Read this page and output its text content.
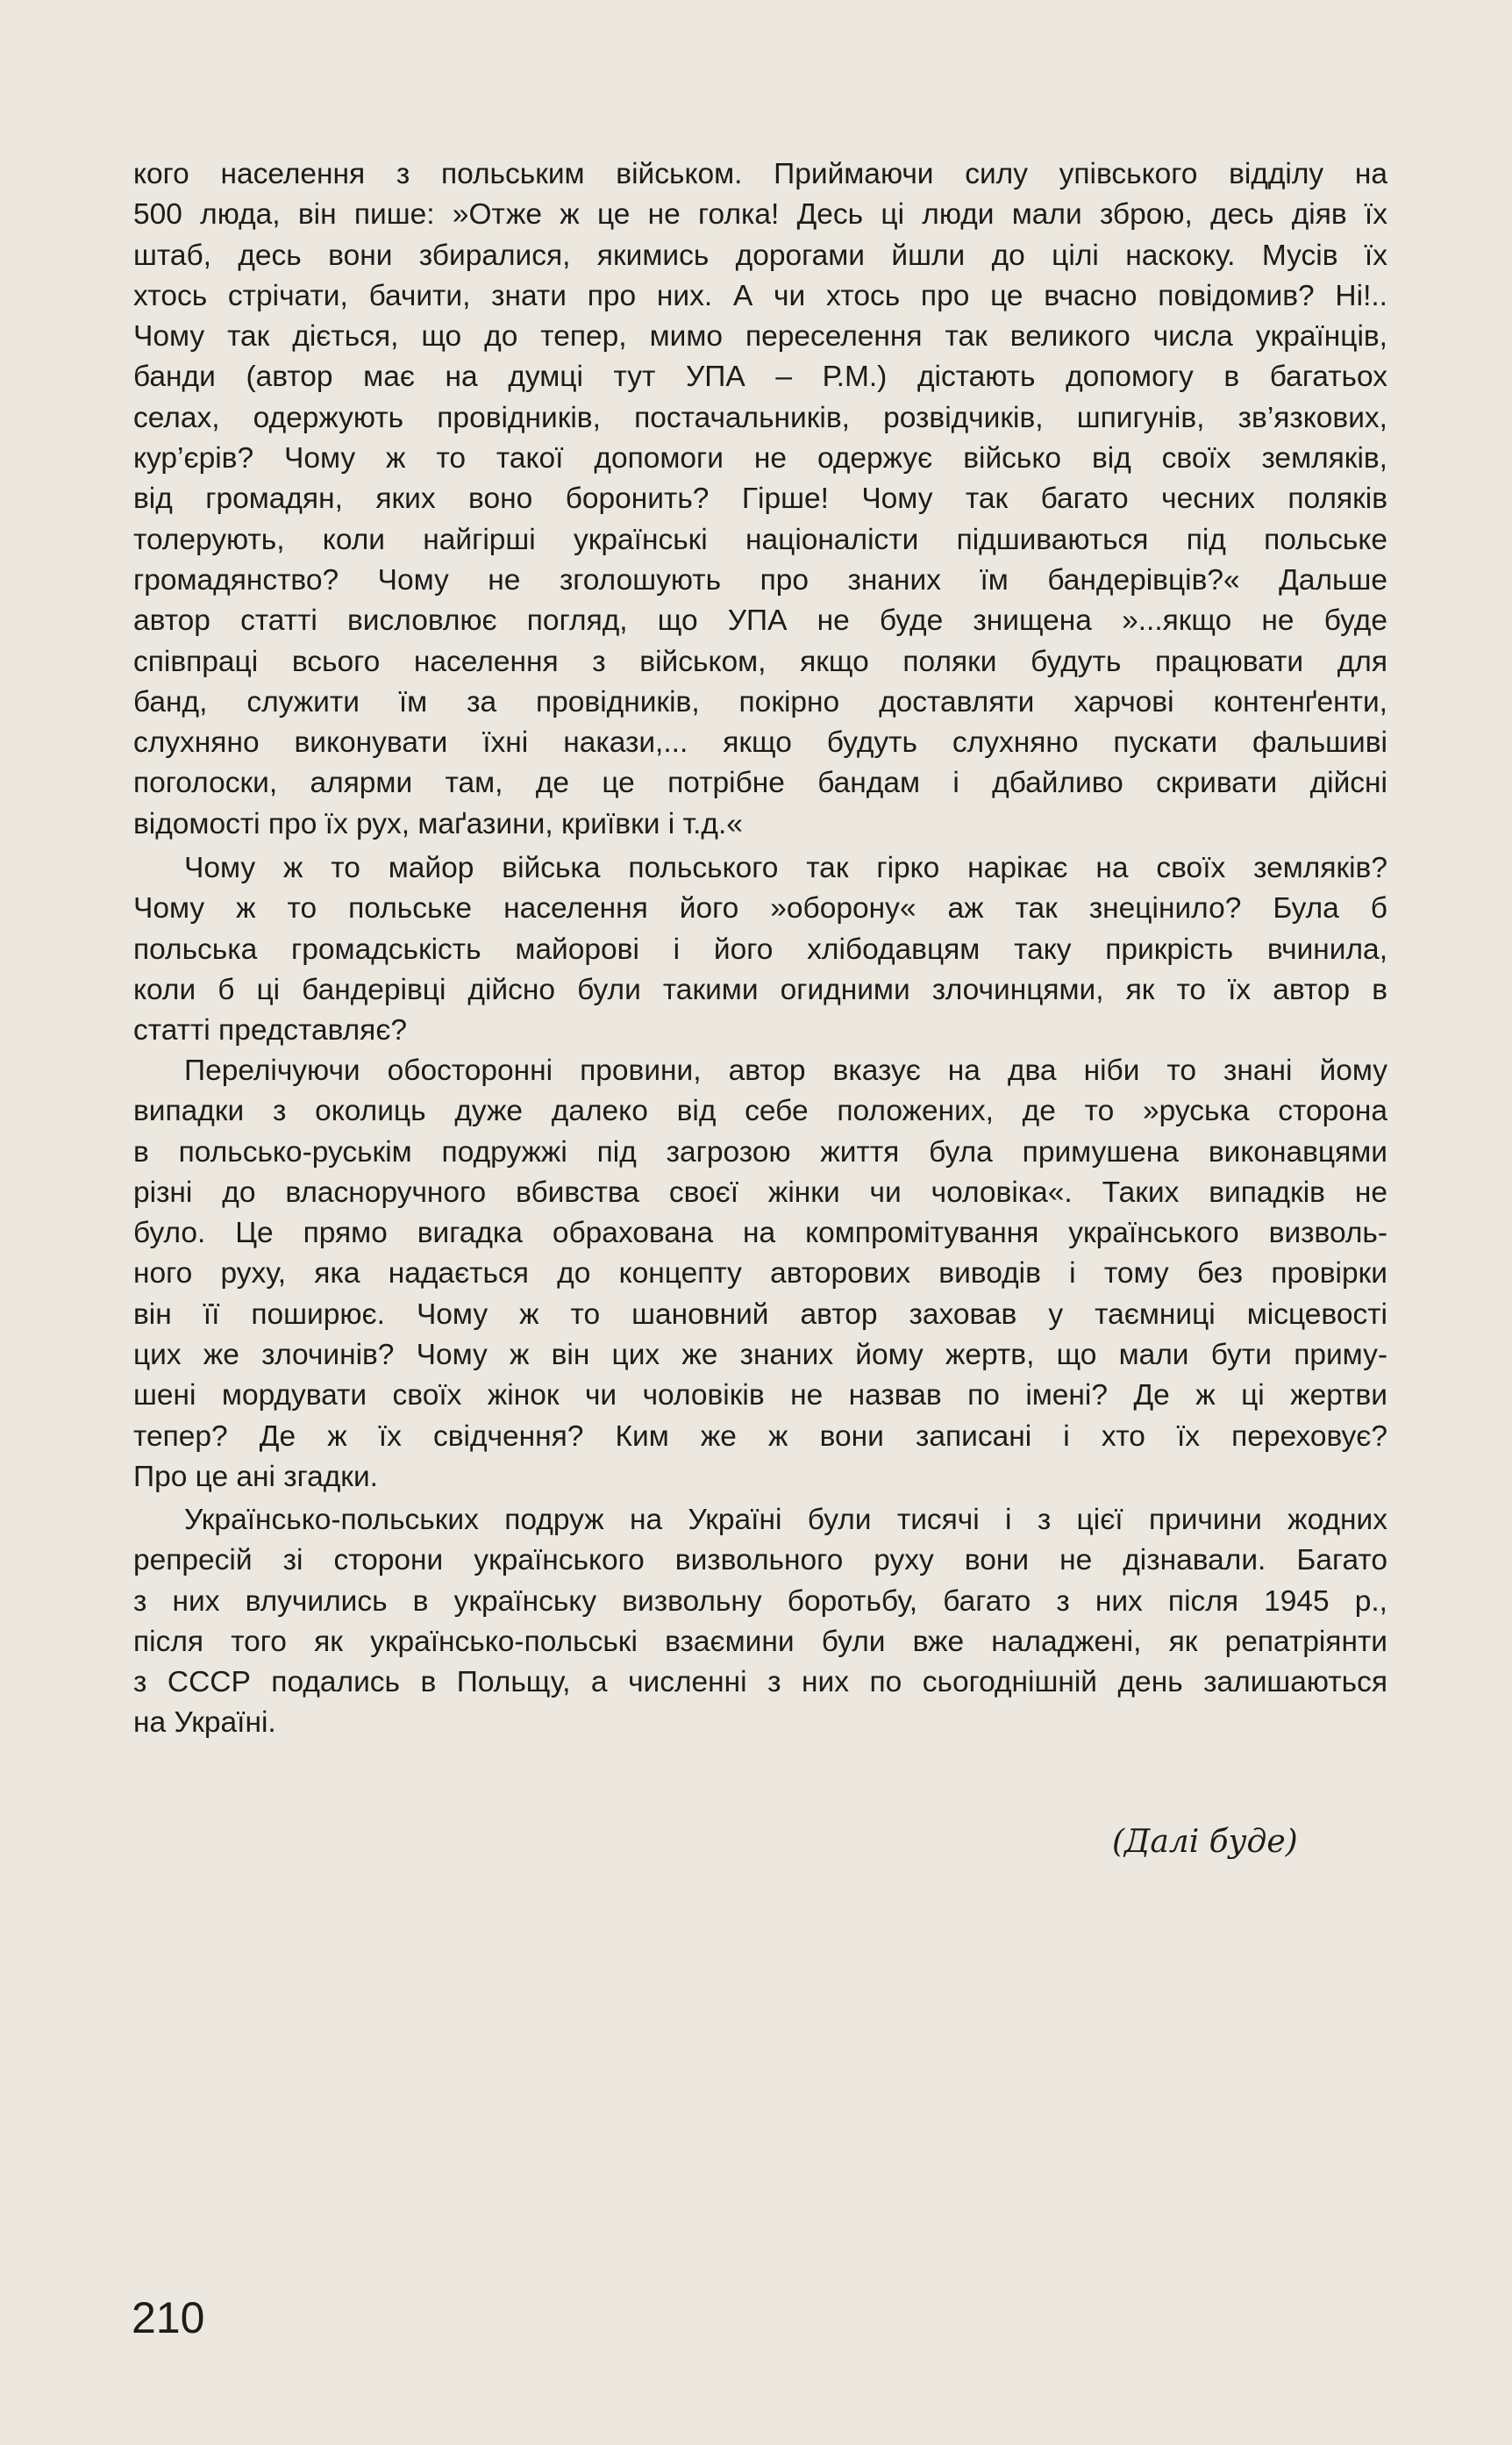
кого населення з польським військом. Приймаючи силу упівського відділу на
500 люда, він пише: »Отже ж це не голка! Десь ці люди мали зброю, десь діяв їх
штаб, десь вони збиралися, якимись дорогами йшли до цілі наскоку. Мусів їх
хтось стрічати, бачити, знати про них. А чи хтось про це вчасно повідомив? Ні!..
Чому так діється, що до тепер, мимо переселення так великого числа українців,
банди (автор має на думці тут УПА – Р.М.) дістають допомогу в багатьох
селах, одержують провідників, постачальників, розвідчиків, шпигунів, зв’язкових,
кур’єрів? Чому ж то такої допомоги не одержує військо від своїх земляків,
від громадян, яких воно боронить? Гірше! Чому так багато чесних поляків
толерують, коли найгірші українські націоналісти підшиваються під польське
громадянство? Чому не зголошують про знаних їм бандерівців?« Дальше
автор статті висловлює погляд, що УПА не буде знищена »...якщо не буде
співпраці всього населення з військом, якщо поляки будуть працювати для
банд, служити їм за провідників, покірно доставляти харчові контенґенти,
слухняно виконувати їхні накази,... якщо будуть слухняно пускати фальшиві
поголоски, алярми там, де це потрібне бандам і дбайливо скривати дійсні
відомості про їх рух, маґазини, криївки і т.д.«
Чому ж то майор війська польського так гірко нарікає на своїх земляків?
Чому ж то польське населення його »оборону« аж так знецінило? Була б
польська громадськість майорові і його хлібодавцям таку прикрість вчинила,
коли б ці бандерівці дійсно були такими огидними злочинцями, як то їх автор в
статті представляє?
Перелічуючи обосторонні провини, автор вказує на два ніби то знані йому
випадки з околиць дуже далеко від себе положених, де то »руська сторона
в польсько-руськім подружжі під загрозою життя була примушена виконавцями
різні до власноручного вбивства своєї жінки чи чоловіка«. Таких випадків не
було. Це прямо вигадка обрахована на компромітування українського визволь-
ного руху, яка надається до концепту авторових виводів і тому без провірки
він її поширює. Чому ж то шановний автор заховав у таємниці місцевості
цих же злочинів? Чому ж він цих же знаних йому жертв, що мали бути приму-
шені мордувати своїх жінок чи чоловіків не назвав по імені? Де ж ці жертви
тепер? Де ж їх свідчення? Ким же ж вони записані і хто їх переховує?
Про це ані згадки.
Українсько-польських подруж на Україні були тисячі і з цієї причини жодних
репресій зі сторони українського визвольного руху вони не дізнавали. Багато
з них влучились в українську визвольну боротьбу, багато з них після 1945 р.,
після того як українсько-польські взаємини були вже наладжені, як репатріянти
з СССР подались в Польщу, а численні з них по сьогоднішній день залишаються
на Україні.
(Далі буде)
210
